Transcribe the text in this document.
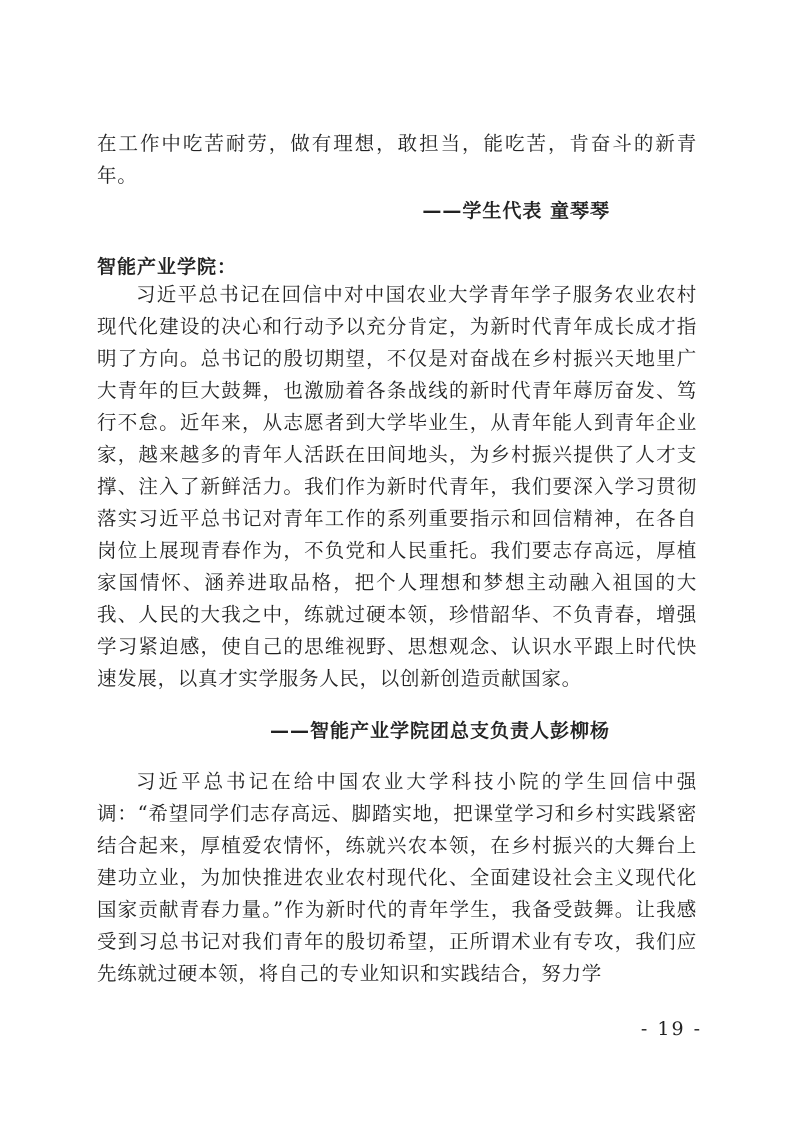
在工作中吃苦耐劳，做有理想，敢担当，能吃苦，肯奋斗的新青年。

——学生代表 童琴琴

智能产业学院：

习近平总书记在回信中对中国农业大学青年学子服务农业农村现代化建设的决心和行动予以充分肯定，为新时代青年成长成才指明了方向。总书记的殷切期望，不仅是对奋战在乡村振兴天地里广大青年的巨大鼓舞，也激励着各条战线的新时代青年蓐厉奋发、笃行不怠。近年来，从志愿者到大学毕业生，从青年能人到青年企业家，越来越多的青年人活跃在田间地头，为乡村振兴提供了人才支撑、注入了新鲜活力。我们作为新时代青年，我们要深入学习贯彻落实习近平总书记对青年工作的系列重要指示和回信精神，在各自岗位上展现青春作为，不负党和人民重托。我们要志存高远，厚植家国情怀、涵养进取品格，把个人理想和梦想主动融入祖国的大我、人民的大我之中，练就过硬本领，珍惜韶华、不负青春，增强学习紧迫感，使自己的思维视野、思想观念、认识水平跟上时代快速发展，以真才实学服务人民，以创新创造贡献国家。

——智能产业学院团总支负责人彭柳杨

习近平总书记在给中国农业大学科技小院的学生回信中强调：“希望同学们志存高远、脚踏实地，把课堂学习和乡村实践紧密结合起来，厚植爱农情怀，练就兴农本领，在乡村振兴的大舞台上建功立业，为加快推进农业农村现代化、全面建设社会主义现代化国家贡献青春力量。”作为新时代的青年学生，我备受鼓舞。让我感受到习总书记对我们青年的殷切希望，正所谓术业有专攻，我们应先练就过硬本领，将自己的专业知识和实践结合，努力学

- 19 -
